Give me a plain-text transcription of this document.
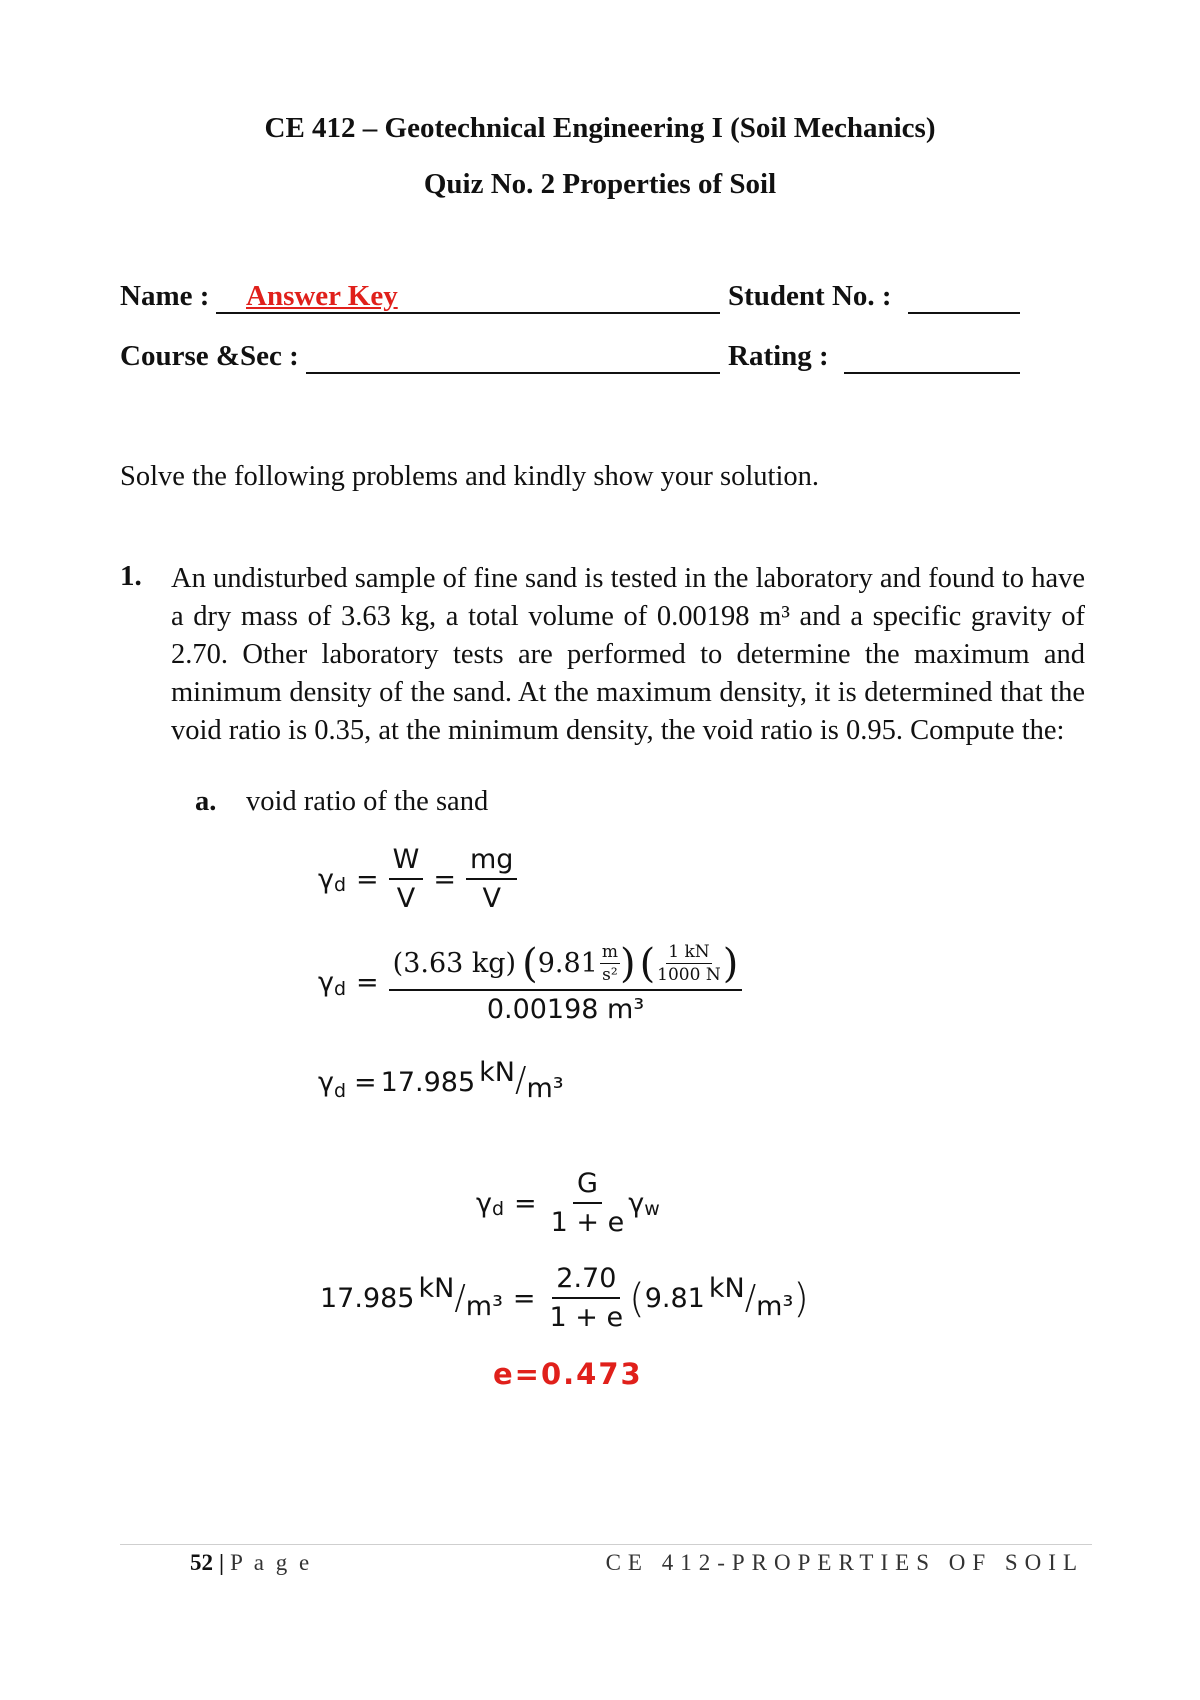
CE 412 – Geotechnical Engineering I (Soil Mechanics)
Quiz No. 2 Properties of Soil
Name : Answer Key	Student No. :
Course &Sec :	Rating :
Solve the following problems and kindly show your solution.
1. An undisturbed sample of fine sand is tested in the laboratory and found to have a dry mass of 3.63 kg, a total volume of 0.00198 m³ and a specific gravity of 2.70. Other laboratory tests are performed to determine the maximum and minimum density of the sand. At the maximum density, it is determined that the void ratio is 0.35, at the minimum density, the void ratio is 0.95. Compute the:
a. void ratio of the sand
γ $d = \frac{W}{V} = \frac{mg}{V}$
γ d =
(3.63 kg) ( $9.81 \frac{m}{\text{s²}}$ ) ( $\frac{1 kN}{1000 N}$ )
0.00198 m³
γ d = 17.985 kN / m³
γ $d = \frac{G}{1 + e}$ γ w
17.985 kN / $m^3 = \frac{2.70}{1 + e}$ ( 9.81 kN / m³ )
e=0.473
52 | P a g e	CE 412-PROPERTIES OF SOIL
